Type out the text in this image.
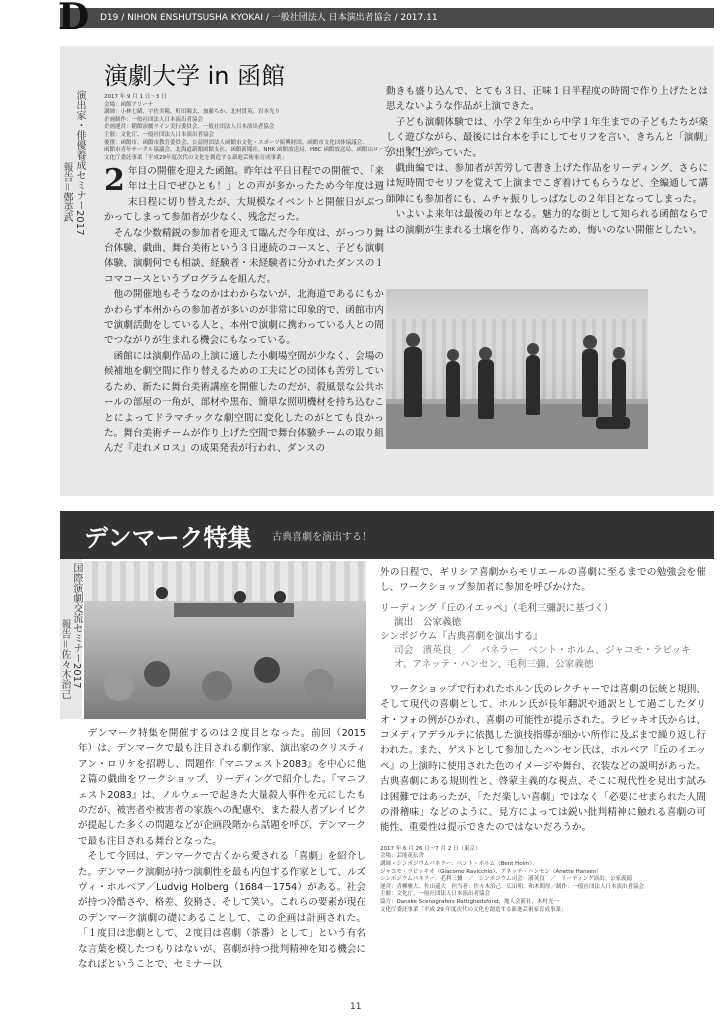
D19 / NIHON ENSHUTSUSHA KYOKAI / 一般社団法人 日本演出者協会 / 2017.11
D
演出家・俳優養成セミナー2017
報告＝鄭英武
演劇大学 in 函館
2017 年 9 月 1 日～3 日
会場：函館アリーナ
講師：小林七緒、宇佐美陽、町田瞳太、加藤ちか、北村貫英、岩本光り
企画制作：一般社団法人日本演出者協会
企画運営：稲館演劇ライン実行委員会、一般社団法人日本演出者協会
主催：文化庁、一般社団法人日本演出者協会
後援：函館市、函館市教育委員会、公益財団法人函館市文化・スポーツ振興財団、函館市文化団体協議会、
函館市青年サークル協議会、北海道新聞函館支社、函館新聞社、NHK 函館放送局、HBC 函館放送局、函館山ロープウェイ株 FM いるか
文化庁委託事業「平成29年度次代の文化を創造する新進芸術家育成事業」

2 年目の開催を迎えた函館。昨年は平日日程での開催で、「来年は土日でぜひとも！」との声が多かったため今年度は週末日程に切り替えたが、大規模なイベントと開催日がぶつかってしまって参加者が少なく、残念だった。

そんな少数精鋭の参加者を迎えて臨んだ今年度は、がっつり舞台体験、戯曲、舞台美術という３日連続のコースと、子ども演劇体験、演劇何でも相談、経験者・未経験者に分かれたダンスの１コマコースというプログラムを組んだ。

他の開催地もそうなのかはわからないが、北海道であるにもかかわらず本州からの参加者が多いのが非常に印象的で、函館市内で演劇活動をしている人と、本州で演劇に携わっている人との間でつながりが生まれる機会にもなっている。

函館には演劇作品の上演に適した小劇場空間が少なく、会場の候補地を劇空間に作り替えるための工夫にどの団体も苦労しているため、新たに舞台美術講座を開催したのだが、殺風景な公共ホールの部屋の一角が、部材や黒布、簡単な照明機材を持ち込むことによってドラマチックな劇空間に変化したのがとても良かった。舞台美術チームが作り上げた空間で舞台体験チームの取り組んだ『走れメロス』の成果発表が行われ、ダンスの

動きも盛り込んで、とても３日、正味１日半程度の時間で作り上げたとは思えないような作品が上演できた。

子ども演劇体験では、小学２年生から中学１年生までの子どもたちが楽しく遊びながら、最後には台本を手にしてセリフを言い、きちんと「演劇」が出来上がっていた。

戯曲編では、参加者が苦労して書き上げた作品をリーディング、さらには短時間でセリフを覚えて上演までこぎ着けてもらうなど、全編通して講師陣にも参加者にも、ムチャ振りしっぱなしの２年目となってしまった。

いよいよ来年は最後の年となる。魅力的な街として知られる函館ならではの演劇が生まれる土壌を作り、高めるため、悔いのない開催としたい。

デンマーク特集 古典喜劇を演出する！
国際演劇交流セミナー2017
報告＝佐々木治己

デンマーク特集を開催するのは２度目となった。前回（2015年）は、デンマークで最も注目される劇作家、演出家のクリスティアン・ロリケを招聘し、問題作『マニフェスト2083』を中心に他２篇の戯曲をワークショップ、リーディングで紹介した。『マニフェスト2083』は、ノルウェーで起きた大量殺人事件を元にしたものだが、被害者や被害者の家族への配慮や、また殺人者ブレイビクが提起した多くの問題などが企画段階から話題を呼び、デンマークで最も注目される舞台となった。

そして今回は、デンマークで古くから愛される「喜劇」を紹介した。デンマーク演劇が持つ演劇性を最も内包する作家として、ルズヴィ・ホルベア／Ludvig Holberg（1684－1754）がある。社会が持つ冷酷さや、格差、狡猾さ、そして笑い。これらの要素が現在のデンマーク演劇の礎にあることして、この企画は計画された。「１度目は悲劇として、２度目は喜劇（茶番）として」という有名な言葉を模したつもりはないが、喜劇が持つ批判精神を知る機会になればということで、セミナー以

外の日程で、ギリシア喜劇からモリエールの喜劇に至るまでの勉強会を催し、ワークショップ参加者に参加を呼びかけた。

リーディング『丘のイエッペ』（毛利三彌訳に基づく）
演出　公家義徳
シンポジウム『古典喜劇を演出する』
司会　濱英良　／　パネラー　ベント・ホルム、ジャコモ・ラビッキオ、アネッテ・ハンセン、毛利三彌、公家義徳

ワークショップで行われたホルン氏のレクチャーでは喜劇の伝統と規則、そして現代の喜劇として、ホルン氏が長年翻訳や通訳として過ごしたダリオ・フォの例がひかれ、喜劇の可能性が提示された。ラビッキオ氏からは、コメディアデラルテに依拠した演技指導が細かい所作に及ぶまで繰り返し行われた。また、ゲストとして参加したハンセン氏は、ホルベア『丘のイエッペ』の上演時に使用された色のイメージや舞台、衣装などの説明があった。古典喜劇にある規則性と、啓蒙主義的な視点、そこに現代性を見出す試みは困難ではあったが、「ただ楽しい喜劇」ではなく「必要にせまられた人間の滑稽味」などのように、見方によっては鋭い批判精神に触れる喜劇の可能性、重要性は提示できたのではないだろうか。

2017 年 6 月 26 日～7 月 2 日（東京）
会場：芸能花伝舎
講師・シンポジウムパネラー：ベント・ホルム（Bent Holm）、
ジャコモ・ラビッキオ（Giacomo Ravicchio）、アネッテ・ハンセン（Anette Hansen）
シンポジウムパネラー：毛利三彌　／　シンポジウム司会：濱英良　／　リーディング演出：公家義徳
運営：青柳雅大、佐山遥大　担当者：佐々木治己、広田明、和木間厚／制作：一般社団法人日本演出者協会
主催：文化庁、一般社団法人日本演出者協会
協力：Danske Scenografers Rettighedsfond、地人会新社、木村光一
文化庁委託事業「平成 29 年度次代の文化を創造する新進芸術家育成事業」
11
